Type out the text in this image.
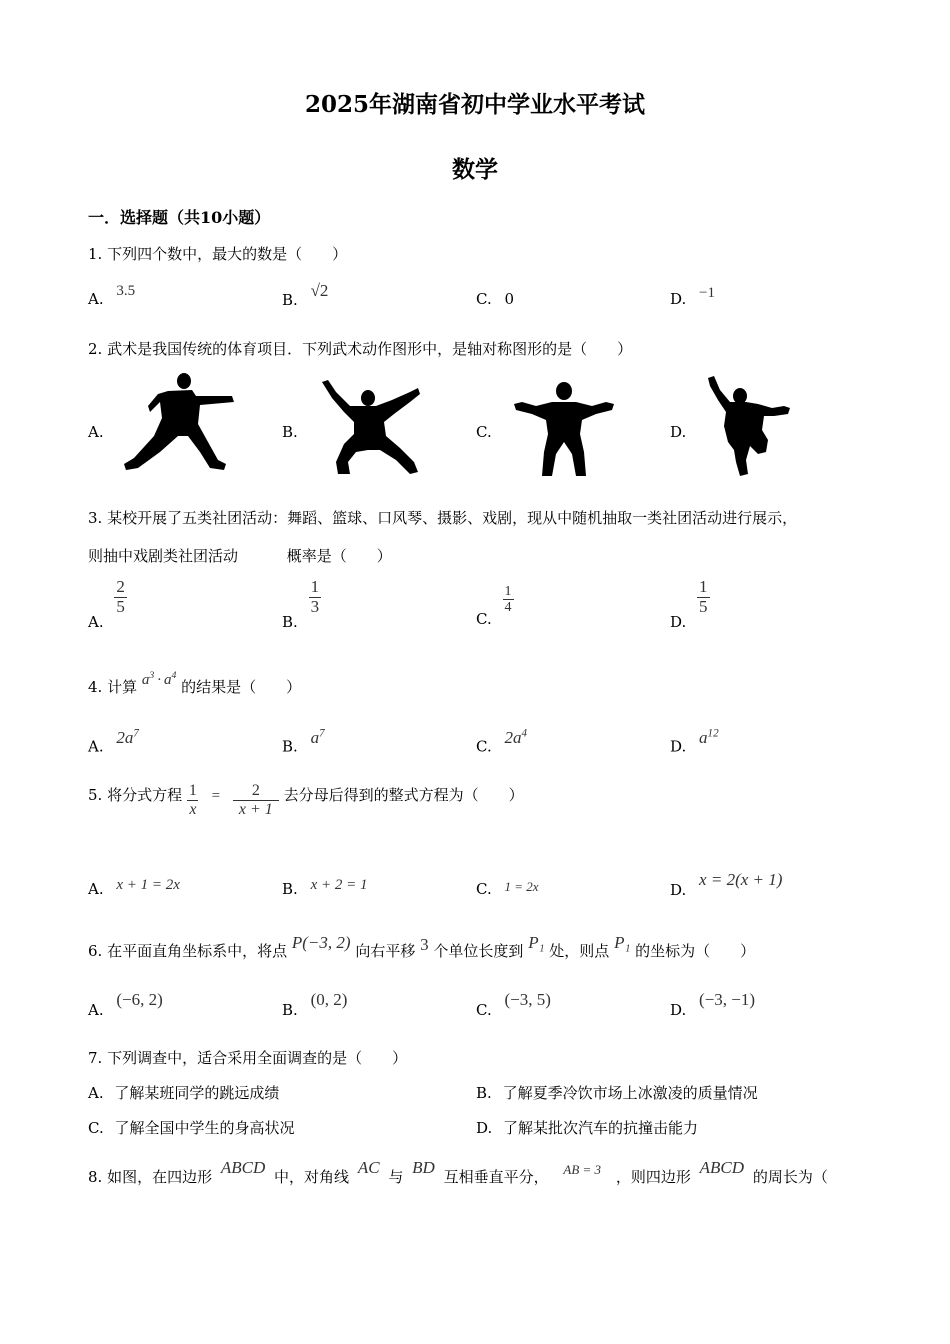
2025年湖南省初中学业水平考试
数学
一．选择题（共10小题）
1. 下列四个数中，最大的数是（　　）
A. 3.5	B. √2	C. 0	D. −1
2. 武术是我国传统的体育项目．下列武术动作图形中，是轴对称图形的是（　　）
A.	B.	C.	D.
3. 某校开展了五类社团活动：舞蹈、篮球、口风琴、摄影、戏剧，现从中随机抽取一类社团活动进行展示，
则抽中戏剧类社团活动	概率是（　　）
A.
$\frac{2}{5}$
B.
$\frac{1}{3}$
C.
$\frac{1}{4}$
D.
$\frac{1}{5}$
4. 计算 $a^3 \cdot a^4$ 的结果是（　　）
A. $2a^7$
B. $a^7$
C. $2a^4$
D. $a^{12}$
5. 将分式方程 $\frac{1}{x} = \frac{2}{x + 1}$ 去分母后得到的整式方程为（　　）
A. x + 1 = 2x	B. x + 2 = 1	C. 1 = 2x	D. x = 2(x + 1)
6. 在平面直角坐标系中，将点 P(−3, 2) 向右平移 3 个单位长度到 P₁ 处，则点 P₁ 的坐标为（　　）
A. (−6, 2)
B. (0, 2)
C. (−3, 5)
D. (−3, −1)
7. 下列调查中，适合采用全面调查的是（　　）
A. 了解某班同学的跳远成绩	B. 了解夏季冷饮市场上冰激凌的质量情况
C. 了解全国中学生的身高状况	D. 了解某批次汽车的抗撞击能力
8. 如图，在四边形 ABCD 中，对角线 AC 与 BD 互相垂直平分， AB = 3 ，则四边形 ABCD 的周长为（
